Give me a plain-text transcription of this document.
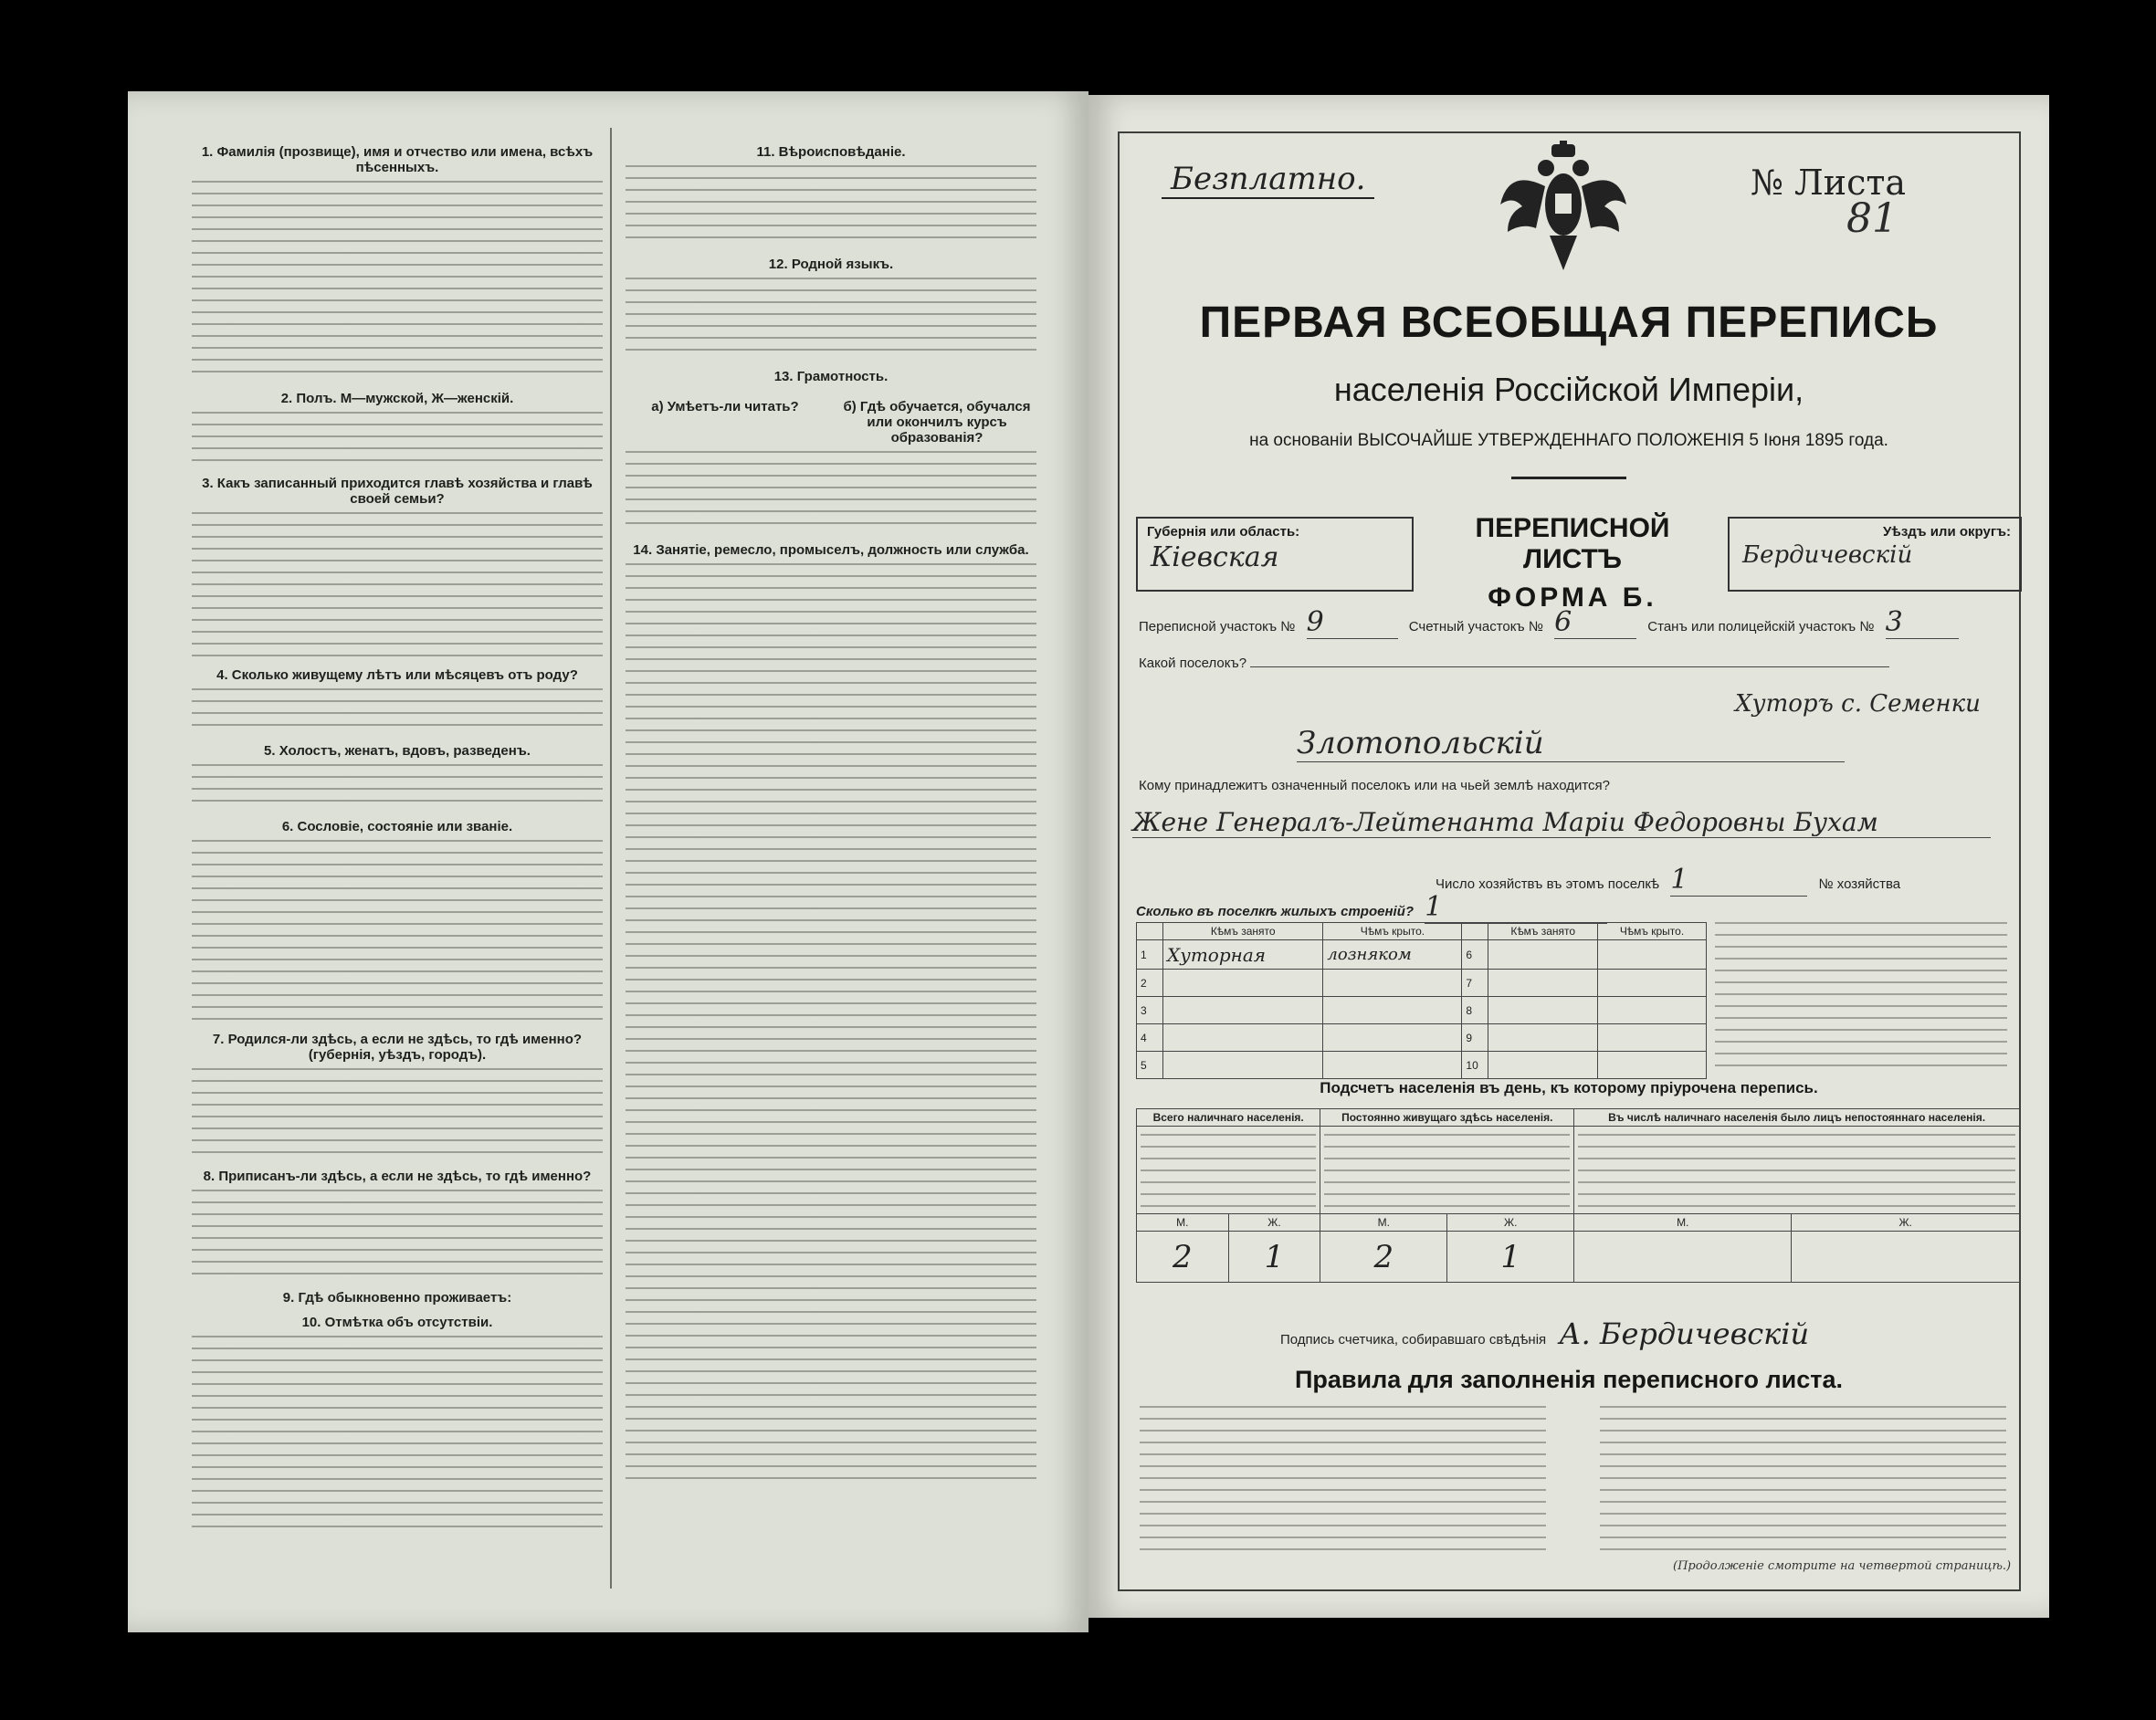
1. Фамилія (прозвище), имя и отчество или имена, всѣхъ пѣсенныхъ.
2. Полъ. М—мужской, Ж—женскій.
3. Какъ записанный приходится главѣ хозяйства и главѣ своей семьи?
4. Сколько живущему лѣтъ или мѣсяцевъ отъ роду?
5. Холостъ, женатъ, вдовъ, разведенъ.
6. Сословіе, состояніе или званіе.
7. Родился-ли здѣсь, а если не здѣсь, то гдѣ именно? (губернія, уѣздъ, городъ).
8. Приписанъ-ли здѣсь, а если не здѣсь, то гдѣ именно?
9. Гдѣ обыкновенно проживаетъ:
10. Отмѣтка объ отсутствіи.
11. Вѣроисповѣданіе.
12. Родной языкъ.
13. Грамотность.
а) Умѣетъ-ли читать?	б) Гдѣ обучается, обучался или окончилъ курсъ образованія?
14. Занятіе, ремесло, промыселъ, должность или служба.
Безплатно.	№ Листа
81
ПЕРВАЯ ВСЕОБЩАЯ ПЕРЕПИСЬ
населенія Россійской Имперіи,
на основаніи ВЫСОЧАЙШЕ УТВЕРЖДЕННАГО ПОЛОЖЕНІЯ 5 Іюня 1895 года.
Губернія или область:
Кіевская
ПЕРЕПИСНОЙ ЛИСТЪ
ФОРМА Б.
Уѣздъ или округъ:
Бердичевскій
Переписной участокъ № 9	Счетный участокъ № 6	Станъ или полицейскій участокъ № 3
Какой поселокъ?
Хуторъ с. Семенки
Злотопольскій
Кому принадлежитъ означенный поселокъ или на чьей землѣ находится?
Жене Генералъ-Лейтенанта Марiи Федоровны Бухам
Число хозяйствъ въ этомъ поселкѣ 1	№ хозяйства
Сколько въ поселкѣ жилыхъ строеній? 1
	Кѣмъ занято	Чѣмъ крыто.		Кѣмъ занято	Чѣмъ крыто.
1	Хуторная	лозняком	6		
2			7		
3			8		
4			9		
5			10		
Подсчетъ населенія въ день, къ которому пріурочена перепись.
Всего наличнаго населенія.		Постоянно живущаго здѣсь населенія.		Въ числѣ наличнаго населенія было лицъ непостояннаго населенія.	

М.	Ж.	М.	Ж.	М.	Ж.
2	1	2	1		
Подпись счетчика, собиравшаго свѣдѣнія А. Бердичевскій
Правила для заполненія переписного листа.
(Продолженіе смотрите на четвертой страницѣ.)
